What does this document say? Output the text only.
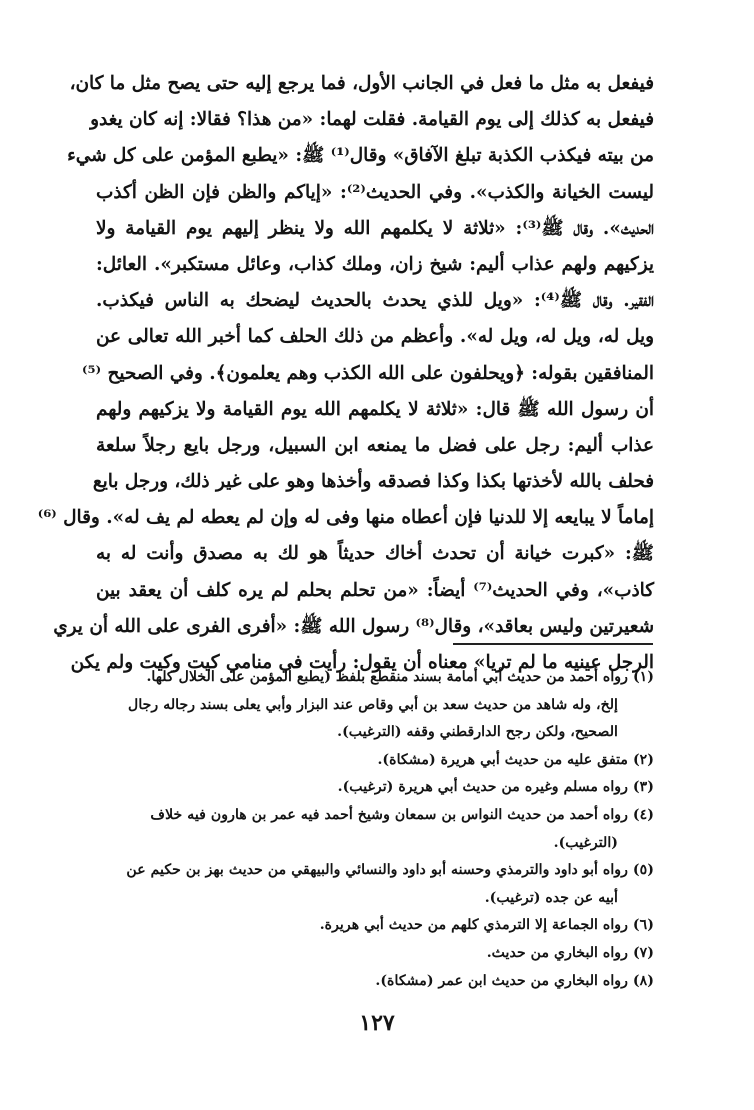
فيفعل به مثل ما فعل في الجانب الأول، فما يرجع إليه حتى يصح مثل ما كان،
فيفعل به كذلك إلى يوم القيامة. فقلت لهما: «من هذا؟ فقالا: إنه كان يغدو
من بيته فيكذب الكذبة تبلغ الآفاق» وقال⁽¹⁾ ﷺ: «يطبع المؤمن على كل شيء
ليست الخيانة والكذب». وفي الحديث⁽²⁾: «إياكم والظن فإن الظن أكذب
الحديث». وقال ﷺ⁽³⁾: «ثلاثة لا يكلمهم الله ولا ينظر إليهم يوم القيامة ولا
يزكيهم ولهم عذاب أليم: شيخ زان، وملك كذاب، وعائل مستكبر». العائل:
الفقير. وقال ﷺ⁽⁴⁾: «ويل للذي يحدث بالحديث ليضحك به الناس فيكذب.
ويل له، ويل له، ويل له». وأعظم من ذلك الحلف كما أخبر الله تعالى عن
المنافقين بقوله: ﴿ويحلفون على الله الكذب وهم يعلمون﴾. وفي الصحيح ⁽⁵⁾
أن رسول الله ﷺ قال: «ثلاثة لا يكلمهم الله يوم القيامة ولا يزكيهم ولهم
عذاب أليم: رجل على فضل ما يمنعه ابن السبيل، ورجل بايع رجلاً سلعة
فحلف بالله لأخذتها بكذا وكذا فصدقه وأخذها وهو على غير ذلك، ورجل بايع
إماماً لا يبايعه إلا للدنيا فإن أعطاه منها وفى له وإن لم يعطه لم يف له». وقال ⁽⁶⁾
ﷺ: «كبرت خيانة أن تحدث أخاك حديثاً هو لك به مصدق وأنت له به
كاذب»، وفي الحديث⁽⁷⁾ أيضاً: «من تحلم بحلم لم يره كلف أن يعقد بين
شعيرتين وليس بعاقد»، وقال⁽⁸⁾ رسول الله ﷺ: «أفرى الفرى على الله أن يري
الرجل عينيه ما لم تريا» معناه أن يقول: رأيت في منامي كيت وكيت ولم يكن
(١) رواه أحمد من حديث أبي أمامة بسند منقطع بلفظ (يطبع المؤمن على الخلال كلها.
إلخ، وله شاهد من حديث سعد بن أبي وقاص عند البزار وأبي يعلى بسند رجاله رجال
الصحيح، ولكن رجح الدارقطني وقفه (الترغيب).
(٢) متفق عليه من حديث أبي هريرة (مشكاة).
(٣) رواه مسلم وغيره من حديث أبي هريرة (ترغيب).
(٤) رواه أحمد من حديث النواس بن سمعان وشيخ أحمد فيه عمر بن هارون فيه خلاف
(الترغيب).
(٥) رواه أبو داود والترمذي وحسنه أبو داود والنسائي والبيهقي من حديث بهز بن حكيم عن
أبيه عن جده (ترغيب).
(٦) رواه الجماعة إلا الترمذي كلهم من حديث أبي هريرة.
(٧) رواه البخاري من حديث.
(٨) رواه البخاري من حديث ابن عمر (مشكاة).
١٢٧
